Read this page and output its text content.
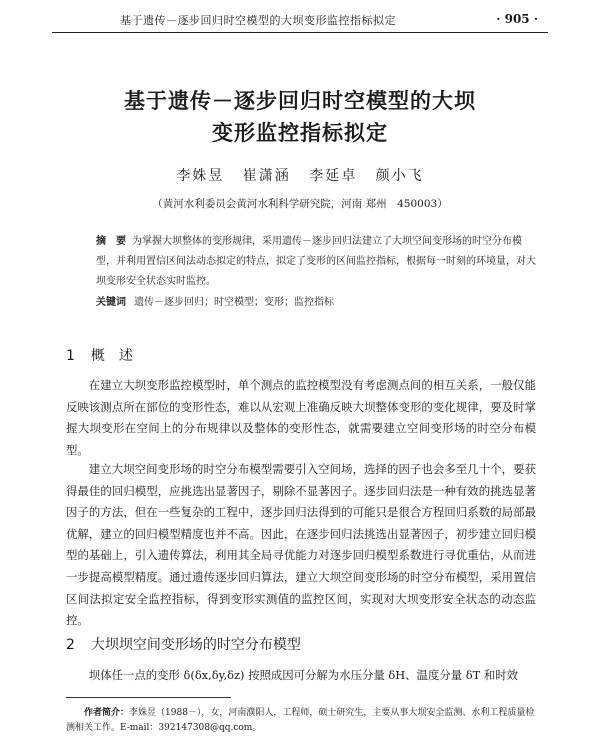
基于遗传－逐步回归时空模型的大坝变形监控指标拟定	· 905 ·
基于遗传－逐步回归时空模型的大坝
变形监控指标拟定
李姝昱 崔潇涵 李延卓 颜小飞
（黄河水利委员会黄河水利科学研究院，河南 郑州　450003）
摘　要 为掌握大坝整体的变形规律，采用遗传－逐步回归法建立了大坝空间变形场的时空分布模型，并利用置信区间法动态拟定的特点，拟定了变形的区间监控指标，根据每一时刻的环境量，对大坝变形安全状态实时监控。
关键词 遗传－逐步回归；时空模型；变形；监控指标
1 概　述

在建立大坝变形监控模型时，单个测点的监控模型没有考虑测点间的相互关系，一般仅能反映该测点所在部位的变形性态，难以从宏观上准确反映大坝整体变形的变化规律，要及时掌握大坝变形在空间上的分布规律以及整体的变形性态，就需要建立空间变形场的时空分布模型。

建立大坝空间变形场的时空分布模型需要引入空间场，选择的因子也会多至几十个，要获得最佳的回归模型，应挑选出显著因子，剔除不显著因子。逐步回归法是一种有效的挑选显著因子的方法，但在一些复杂的工程中，逐步回归法得到的可能只是很合方程回归系数的局部最优解，建立的回归模型精度也并不高。因此，在逐步回归法挑选出显著因子，初步建立回归模型的基础上，引入遗传算法，利用其全局寻优能力对逐步回归模型系数进行寻优重估，从而进一步提高模型精度。通过遗传逐步回归算法，建立大坝空间变形场的时空分布模型，采用置信区间法拟定安全监控指标，得到变形实测值的监控区间，实现对大坝变形安全状态的动态监控。

2 大坝坝空间变形场的时空分布模型

坝体任一点的变形 δ(δx,δy,δz) 按照成因可分解为水压分量 δH、温度分量 δT 和时效

作者简介：李姝昱（1988－），女，河南濮阳人，工程师，硕士研究生，主要从事大坝安全监测、水利工程质量检测相关工作。E-mail：392147308@qq.com。
